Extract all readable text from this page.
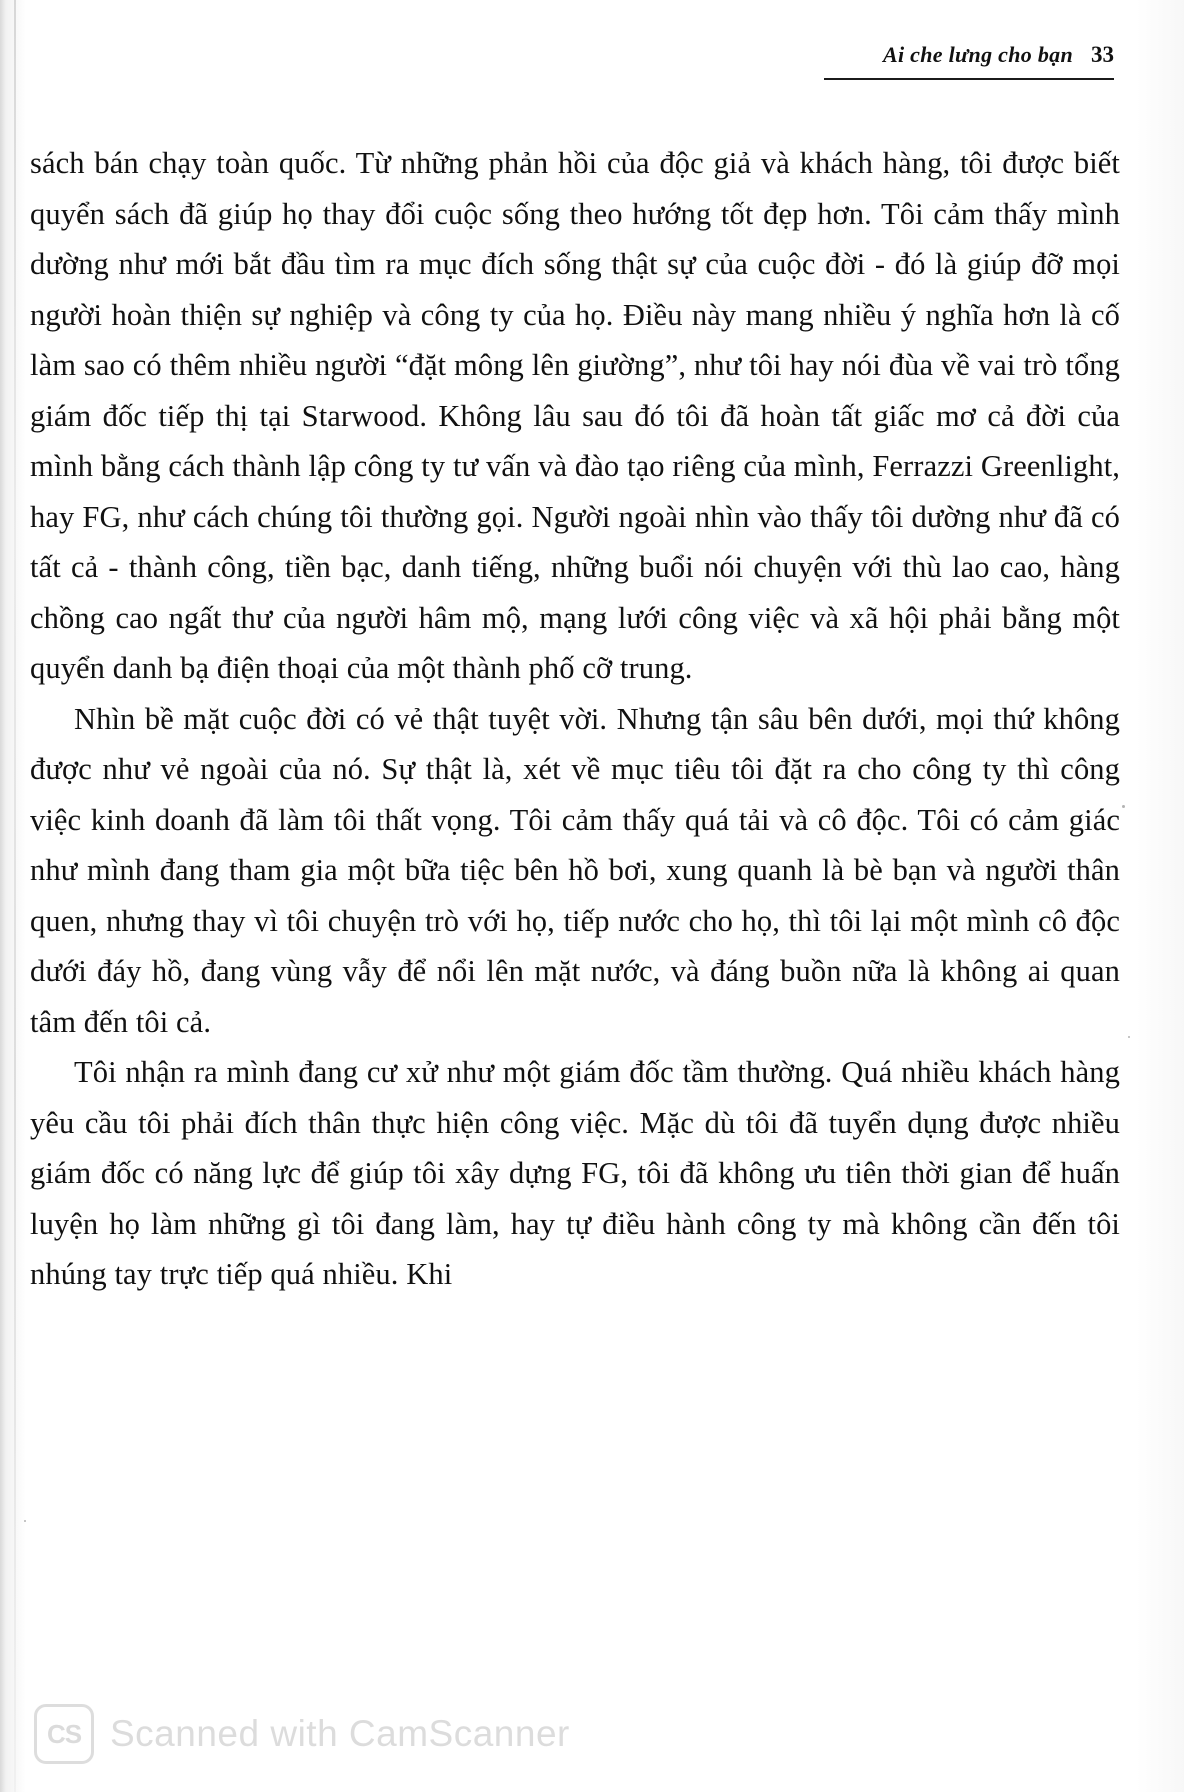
Ai che lưng cho bạn 33

sách bán chạy toàn quốc. Từ những phản hồi của độc giả và khách hàng, tôi được biết quyển sách đã giúp họ thay đổi cuộc sống theo hướng tốt đẹp hơn. Tôi cảm thấy mình dường như mới bắt đầu tìm ra mục đích sống thật sự của cuộc đời - đó là giúp đỡ mọi người hoàn thiện sự nghiệp và công ty của họ. Điều này mang nhiều ý nghĩa hơn là cố làm sao có thêm nhiều người “đặt mông lên giường”, như tôi hay nói đùa về vai trò tổng giám đốc tiếp thị tại Starwood. Không lâu sau đó tôi đã hoàn tất giấc mơ cả đời của mình bằng cách thành lập công ty tư vấn và đào tạo riêng của mình, Ferrazzi Greenlight, hay FG, như cách chúng tôi thường gọi. Người ngoài nhìn vào thấy tôi dường như đã có tất cả - thành công, tiền bạc, danh tiếng, những buổi nói chuyện với thù lao cao, hàng chồng cao ngất thư của người hâm mộ, mạng lưới công việc và xã hội phải bằng một quyển danh bạ điện thoại của một thành phố cỡ trung.

Nhìn bề mặt cuộc đời có vẻ thật tuyệt vời. Nhưng tận sâu bên dưới, mọi thứ không được như vẻ ngoài của nó. Sự thật là, xét về mục tiêu tôi đặt ra cho công ty thì công việc kinh doanh đã làm tôi thất vọng. Tôi cảm thấy quá tải và cô độc. Tôi có cảm giác như mình đang tham gia một bữa tiệc bên hồ bơi, xung quanh là bè bạn và người thân quen, nhưng thay vì tôi chuyện trò với họ, tiếp nước cho họ, thì tôi lại một mình cô độc dưới đáy hồ, đang vùng vẫy để nổi lên mặt nước, và đáng buồn nữa là không ai quan tâm đến tôi cả.

Tôi nhận ra mình đang cư xử như một giám đốc tầm thường. Quá nhiều khách hàng yêu cầu tôi phải đích thân thực hiện công việc. Mặc dù tôi đã tuyển dụng được nhiều giám đốc có năng lực để giúp tôi xây dựng FG, tôi đã không ưu tiên thời gian để huấn luyện họ làm những gì tôi đang làm, hay tự điều hành công ty mà không cần đến tôi nhúng tay trực tiếp quá nhiều. Khi

CS Scanned with CamScanner
